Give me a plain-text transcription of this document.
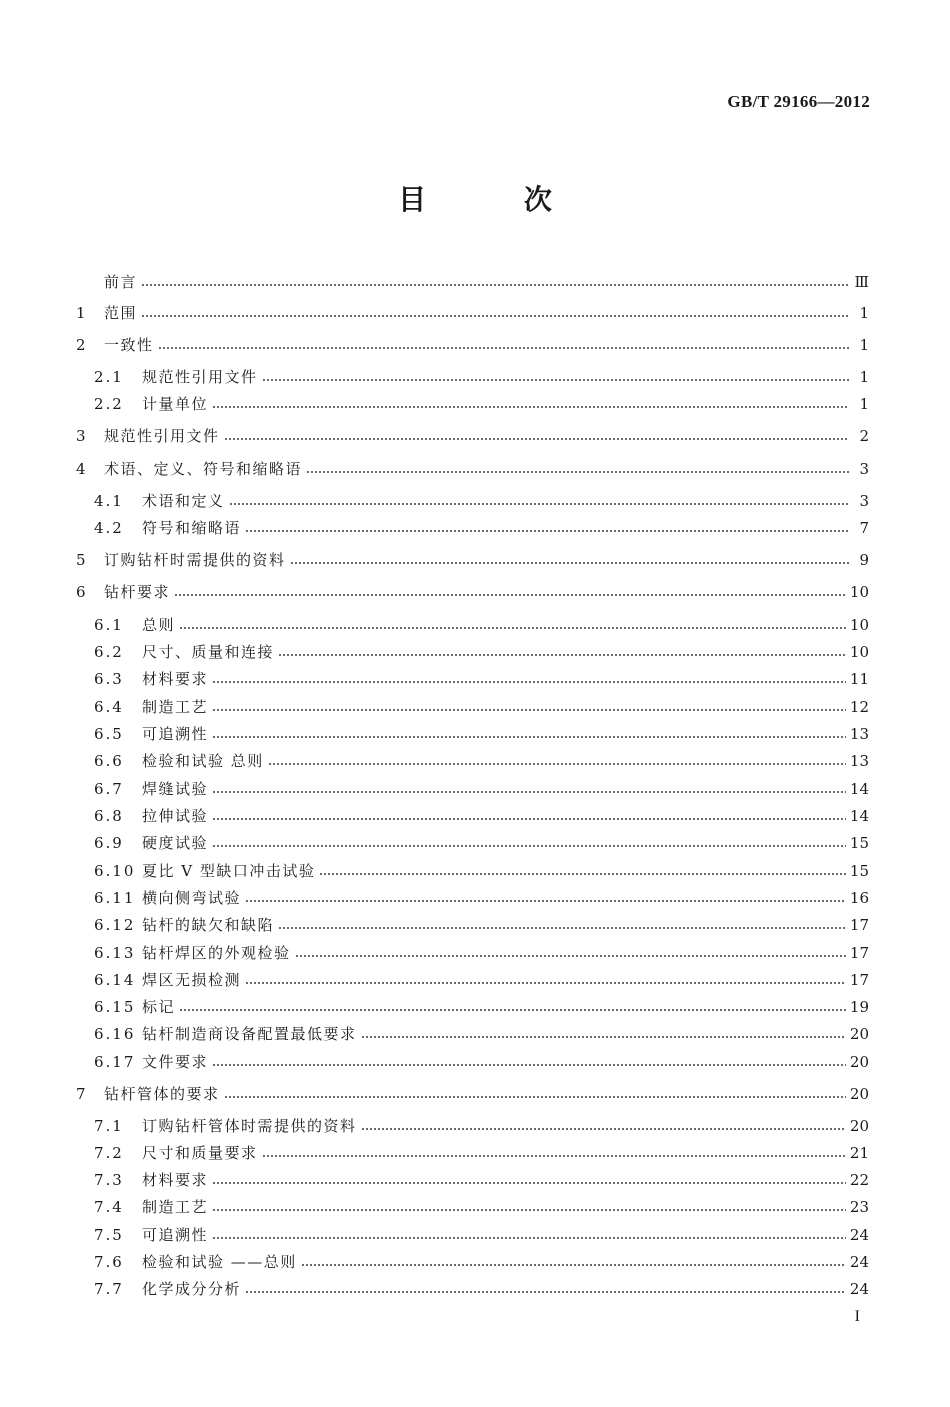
GB/T 29166—2012
目 次
前言	Ⅲ
1	范围	1
2	一致性	1
2.1	规范性引用文件	1
2.2	计量单位	1
3	规范性引用文件	2
4	术语、定义、符号和缩略语	3
4.1	术语和定义	3
4.2	符号和缩略语	7
5	订购钻杆时需提供的资料	9
6	钻杆要求	10
6.1	总则	10
6.2	尺寸、质量和连接	10
6.3	材料要求	11
6.4	制造工艺	12
6.5	可追溯性	13
6.6	检验和试验 总则	13
6.7	焊缝试验	14
6.8	拉伸试验	14
6.9	硬度试验	15
6.10 夏比 V 型缺口冲击试验	15
6.11 横向侧弯试验	16
6.12 钻杆的缺欠和缺陷	17
6.13 钻杆焊区的外观检验	17
6.14 焊区无损检测	17
6.15 标记	19
6.16 钻杆制造商设备配置最低要求	20
6.17 文件要求	20
7	钻杆管体的要求	20
7.1	订购钻杆管体时需提供的资料	20
7.2	尺寸和质量要求	21
7.3	材料要求	22
7.4	制造工艺	23
7.5	可追溯性	24
7.6	检验和试验 ——总则	24
7.7	化学成分分析	24
I
